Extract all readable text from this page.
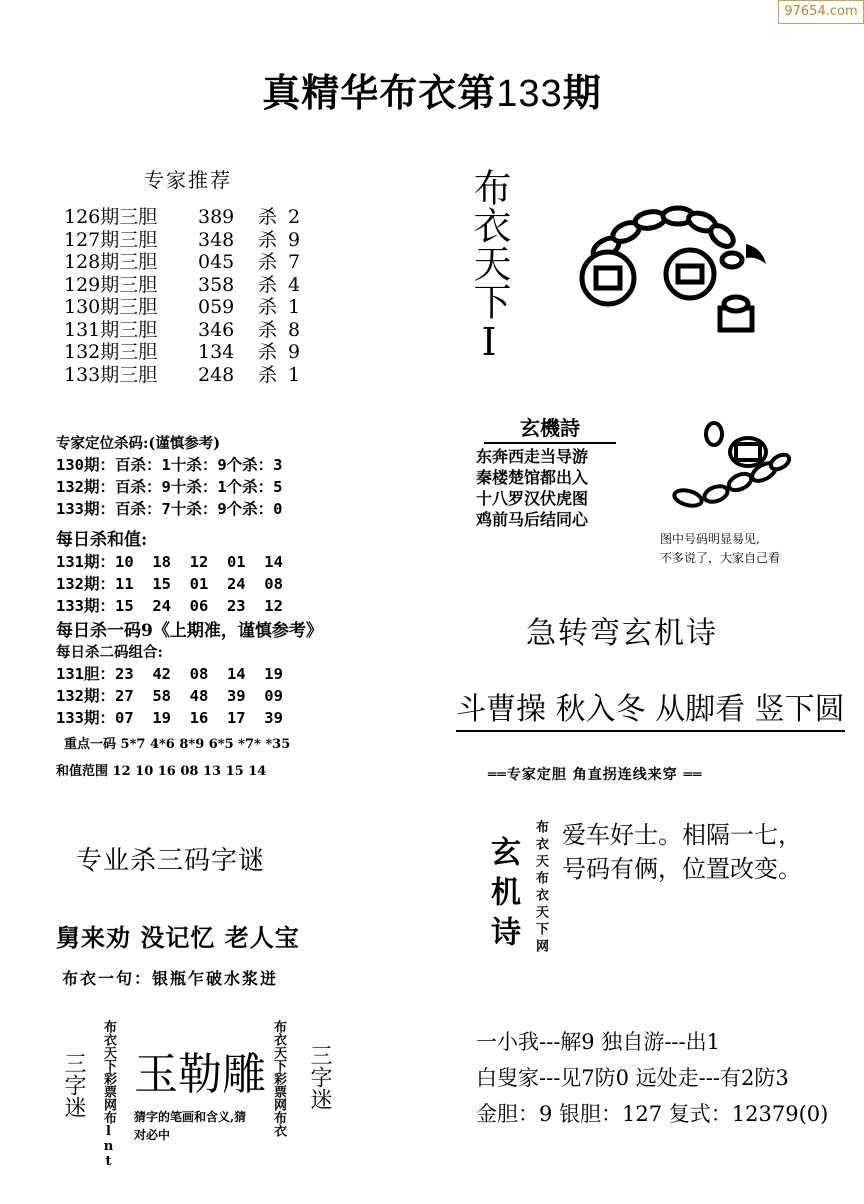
97654.com
真精华布衣第133期
专家推荐
126期三胆 389 杀 2
127期三胆 348 杀 9
128期三胆 045 杀 7
129期三胆 358 杀 4
130期三胆 059 杀 1
131期三胆 346 杀 8
132期三胆 134 杀 9
133期三胆 248 杀 1
专家定位杀码:(谨慎参考)
130期：百杀：1十杀：9个杀：3
132期：百杀：9十杀：1个杀：5
133期：百杀：7十杀：9个杀：0
每日杀和值:
131期：10  18  12  01  14
132期：11  15  01  24  08
133期：15  24  06  23  12
每日杀一码9《上期准，谨慎参考》
每日杀二码组合:
131胆：23  42  08  14  19
132期：27  58  48  39  09
133期：07  19  16  17  39
重点一码 5*7 4*6 8*9 6*5 *7* *35
和值范围 12 10 16 08 13 15 14
专业杀三码字谜
舅来劝 没记忆 老人宝
布衣一句：银瓶乍破水浆迸
三字迷 布衣天下彩票网布lnt 玉勒雕
猜字的笔画和含义,猜
对必中	布衣天下彩票网布衣 三字迷
布衣天下I
玄機詩
东奔西走当导游
秦楼楚馆都出入
十八罗汉伏虎图
鸡前马后结同心
图中号码明显易见,
不多说了，大家自己看
急转弯玄机诗
斗曹操 秋入冬 从脚看 竖下圆
══专家定胆 角直拐连线来穿 ══
玄机诗 布衣天布衣天下网 爱车好士。相隔一七，
号码有俩，位置改变。
一小我---解9 独自游---出1
白叟家---见7防0 远处走---有2防3
金胆：9 银胆：127 复式：12379(0)
